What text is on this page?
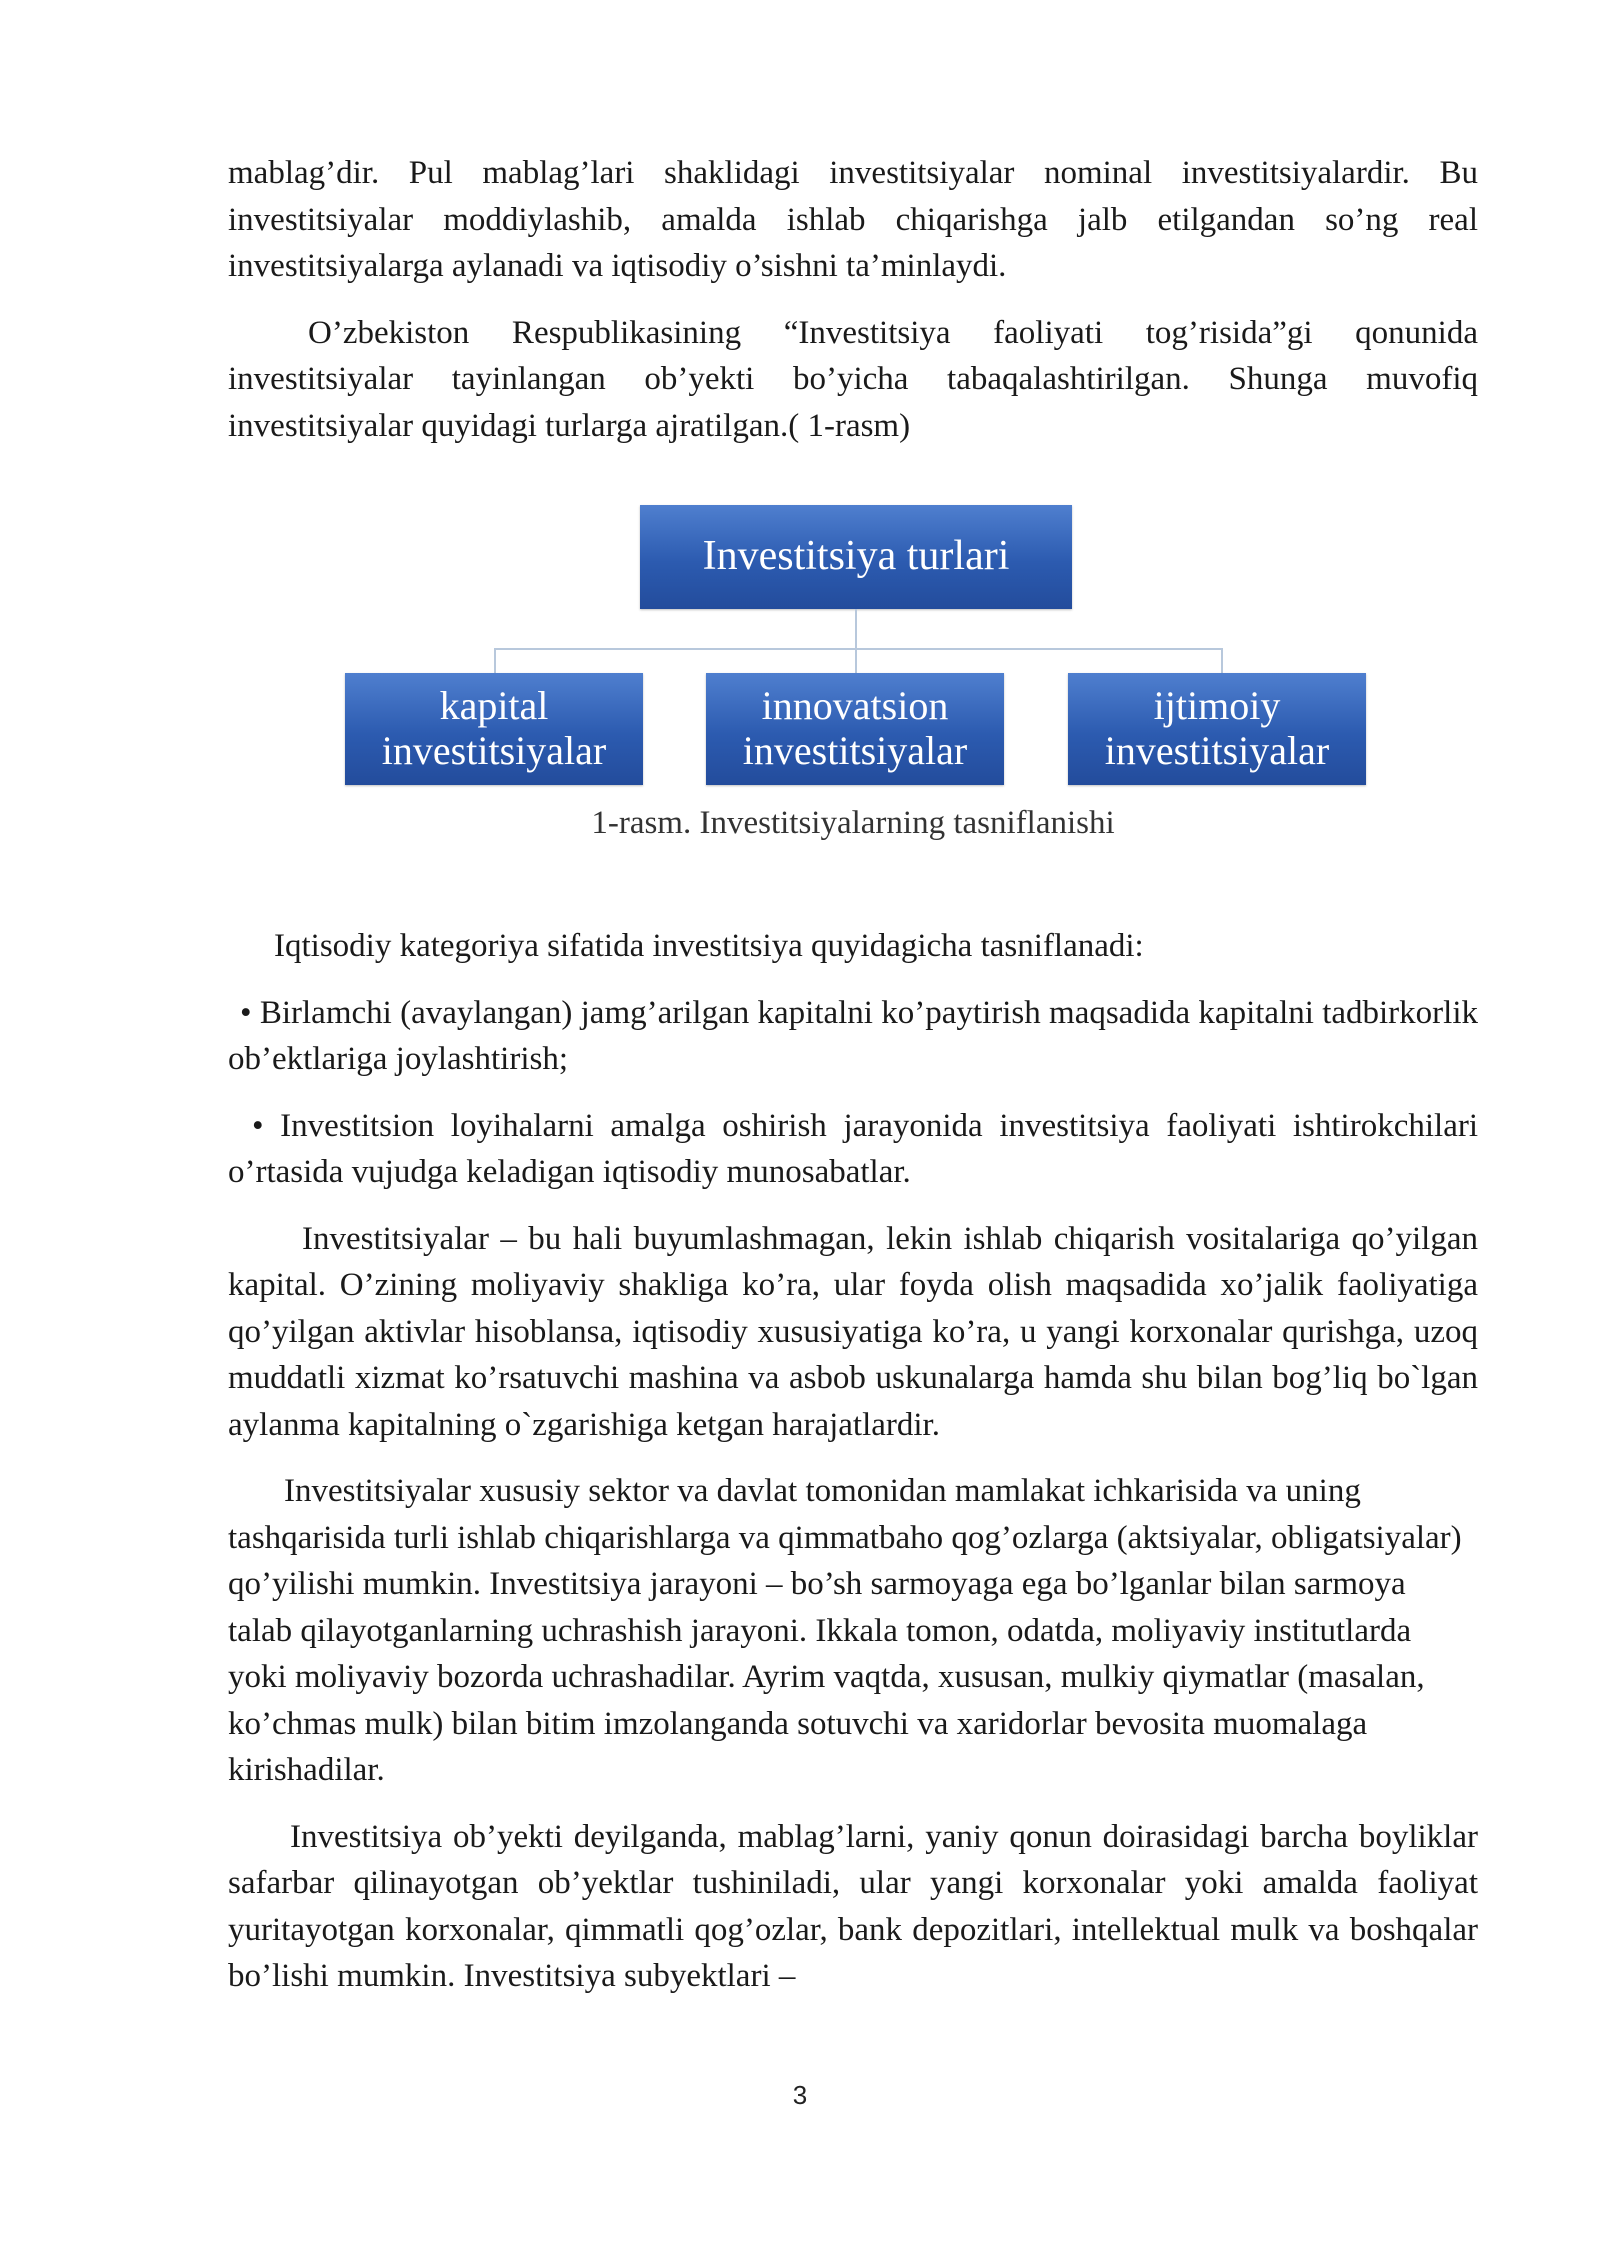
mablag’dir. Pul mablag’lari shaklidagi investitsiyalar nominal investitsiyalardir. Bu investitsiyalar moddiylashib, amalda ishlab chiqarishga jalb etilgandan so’ng real investitsiyalarga aylanadi va iqtisodiy o’sishni ta’minlaydi.

O’zbekiston Respublikasining “Investitsiya faoliyati tog’risida”gi qonunida investitsiyalar tayinlangan ob’yekti bo’yicha tabaqalashtirilgan. Shunga muvofiq investitsiyalar quyidagi turlarga ajratilgan.( 1-rasm)

Investitsiya turlari
kapital
investitsiyalar
innovatsion
investitsiyalar
ijtimoiy
investitsiyalar
1-rasm. Investitsiyalarning tasniflanishi

Iqtisodiy kategoriya sifatida investitsiya quyidagicha tasniflanadi:

• Birlamchi (avaylangan) jamg’arilgan kapitalni ko’paytirish maqsadida kapitalni tadbirkorlik ob’ektlariga joylashtirish;

• Investitsion loyihalarni amalga oshirish jarayonida investitsiya faoliyati ishtirokchilari o’rtasida vujudga keladigan iqtisodiy munosabatlar.

Investitsiyalar – bu hali buyumlashmagan, lekin ishlab chiqarish vositalariga qo’yilgan kapital. O’zining moliyaviy shakliga ko’ra, ular foyda olish maqsadida xo’jalik faoliyatiga qo’yilgan aktivlar hisoblansa, iqtisodiy xususiyatiga ko’ra, u yangi korxonalar qurishga, uzoq muddatli xizmat ko’rsatuvchi mashina va asbob uskunalarga hamda shu bilan bog’liq bo`lgan aylanma kapitalning o`zgarishiga ketgan harajatlardir.

Investitsiyalar xususiy sektor va davlat tomonidan mamlakat ichkarisida va uning tashqarisida turli ishlab chiqarishlarga va qimmatbaho qog’ozlarga (aktsiyalar, obligatsiyalar) qo’yilishi mumkin. Investitsiya jarayoni – bo’sh sarmoyaga ega bo’lganlar bilan sarmoya talab qilayotganlarning uchrashish jarayoni. Ikkala tomon, odatda, moliyaviy institutlarda yoki moliyaviy bozorda uchrashadilar. Ayrim vaqtda, xususan, mulkiy qiymatlar (masalan, ko’chmas mulk) bilan bitim imzolanganda sotuvchi va xaridorlar bevosita muomalaga kirishadilar.

Investitsiya ob’yekti deyilganda, mablag’larni, yaniy qonun doirasidagi barcha boyliklar safarbar qilinayotgan ob’yektlar tushiniladi, ular yangi korxonalar yoki amalda faoliyat yuritayotgan korxonalar, qimmatli qog’ozlar, bank depozitlari, intellektual mulk va boshqalar bo’lishi mumkin. Investitsiya subyektlari –

3
